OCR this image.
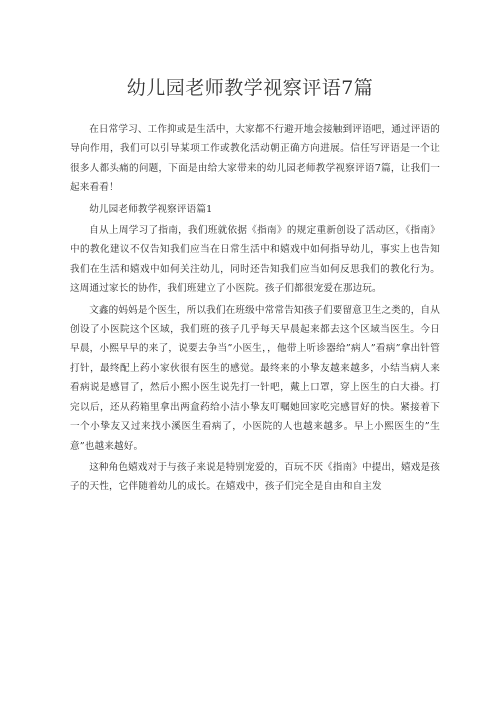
幼儿园老师教学视察评语7篇

在日常学习、工作抑或是生活中，大家都不行避开地会接触到评语吧，通过评语的导向作用，我们可以引导某项工作或教化活动朝正确方向进展。信任写评语是一个让很多人都头痛的问题，下面是由给大家带来的幼儿园老师教学视察评语7篇，让我们一起来看看！

幼儿园老师教学视察评语篇1

自从上周学习了指南，我们班就依据《指南》的规定重新创设了活动区，《指南》中的教化建议不仅告知我们应当在日常生活中和嬉戏中如何指导幼儿，事实上也告知我们在生活和嬉戏中如何关注幼儿，同时还告知我们应当如何反思我们的教化行为。这周通过家长的协作，我们班建立了小医院。孩子们都很宠爱在那边玩。

文鑫的妈妈是个医生，所以我们在班级中常常告知孩子们要留意卫生之类的，自从创设了小医院这个区域，我们班的孩子几乎每天早晨起来都去这个区域当医生。今日早晨，小熙早早的来了，说要去争当”小医生，，他带上听诊器给”病人”看病”拿出针管打针，最终配上药小家伙很有医生的感觉。最终来的小挚友越来越多，小结当病人来看病说是感冒了，然后小熙小医生说先打一针吧，戴上口罩，穿上医生的白大褂。打完以后，还从药箱里拿出两盒药给小洁小挚友叮嘱她回家吃完感冒好的快。紧接着下一个小挚友又过来找小溪医生看病了，小医院的人也越来越多。早上小熙医生的”生意”也越来越好。

这种角色嬉戏对于与孩子来说是特别宠爱的，百玩不厌《指南》中提出，嬉戏是孩子的天性，它伴随着幼儿的成长。在嬉戏中，孩子们完全是自由和自主发
